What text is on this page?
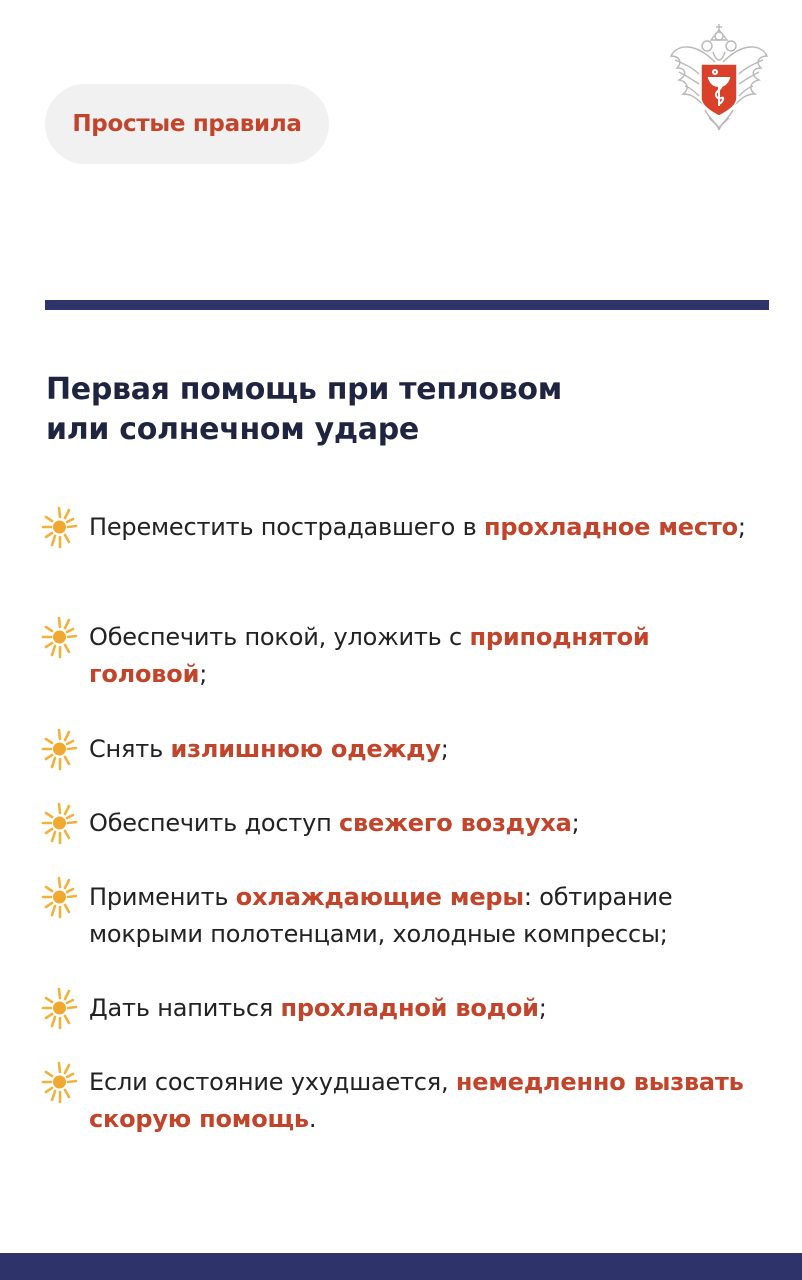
Простые правила
Первая помощь при тепловом
или солнечном ударе
Переместить пострадавшего в прохладное место;
Обеспечить покой, уложить с приподнятой головой;
Снять излишнюю одежду;
Обеспечить доступ свежего воздуха;
Применить охлаждающие меры: обтирание мокрыми полотенцами, холодные компрессы;
Дать напиться прохладной водой;
Если состояние ухудшается, немедленно вызвать скорую помощь.
